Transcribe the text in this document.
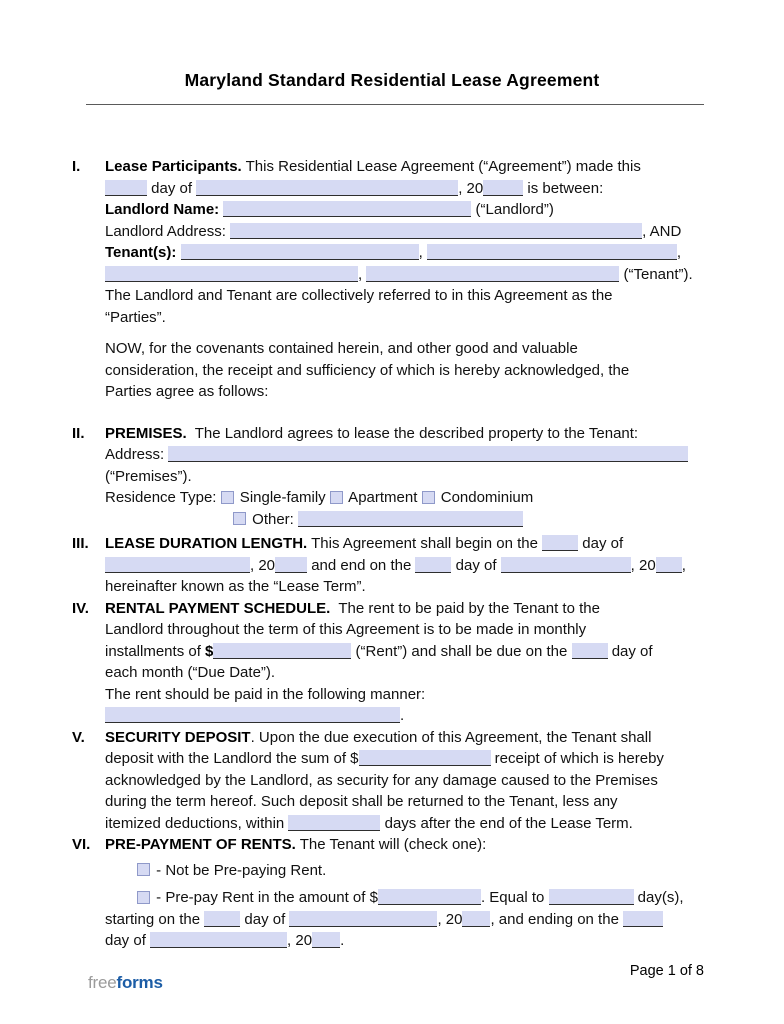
Maryland Standard Residential Lease Agreement
I.	Lease Participants. This Residential Lease Agreement (“Agreement”) made this
day of	, 20	is between:
Landlord Name:	(“Landlord”)
Landlord Address:	, AND
Tenant(s):	,	,
,	(“Tenant”).
The Landlord and Tenant are collectively referred to in this Agreement as the
“Parties”.
NOW, for the covenants contained herein, and other good and valuable
consideration, the receipt and sufficiency of which is hereby acknowledged, the
Parties agree as follows:
II.	PREMISES.  The Landlord agrees to lease the described property to the Tenant:
Address:
(“Premises”).
Residence Type:  Single-family  Apartment  Condominium
Other:
III.	LEASE DURATION LENGTH. This Agreement shall begin on the  day of
, 20 and end on the  day of	, 20 ,
hereinafter known as the “Lease Term”.
IV.	RENTAL PAYMENT SCHEDULE.  The rent to be paid by the Tenant to the
Landlord throughout the term of this Agreement is to be made in monthly
installments of $	(“Rent”) and shall be due on the  day of
each month (“Due Date”).
The rent should be paid in the following manner:
.
V.	SECURITY DEPOSIT. Upon the due execution of this Agreement, the Tenant shall
deposit with the Landlord the sum of $	receipt of which is hereby
acknowledged by the Landlord, as security for any damage caused to the Premises
during the term hereof. Such deposit shall be returned to the Tenant, less any
itemized deductions, within	days after the end of the Lease Term.
VI. PRE-PAYMENT OF RENTS. The Tenant will (check one):
- Not be Pre-paying Rent.
- Pre-pay Rent in the amount of $	. Equal to	day(s),
starting on the  day of	, 20 , and ending on the
day of	, 20 .
freeforms
Page 1 of 8
